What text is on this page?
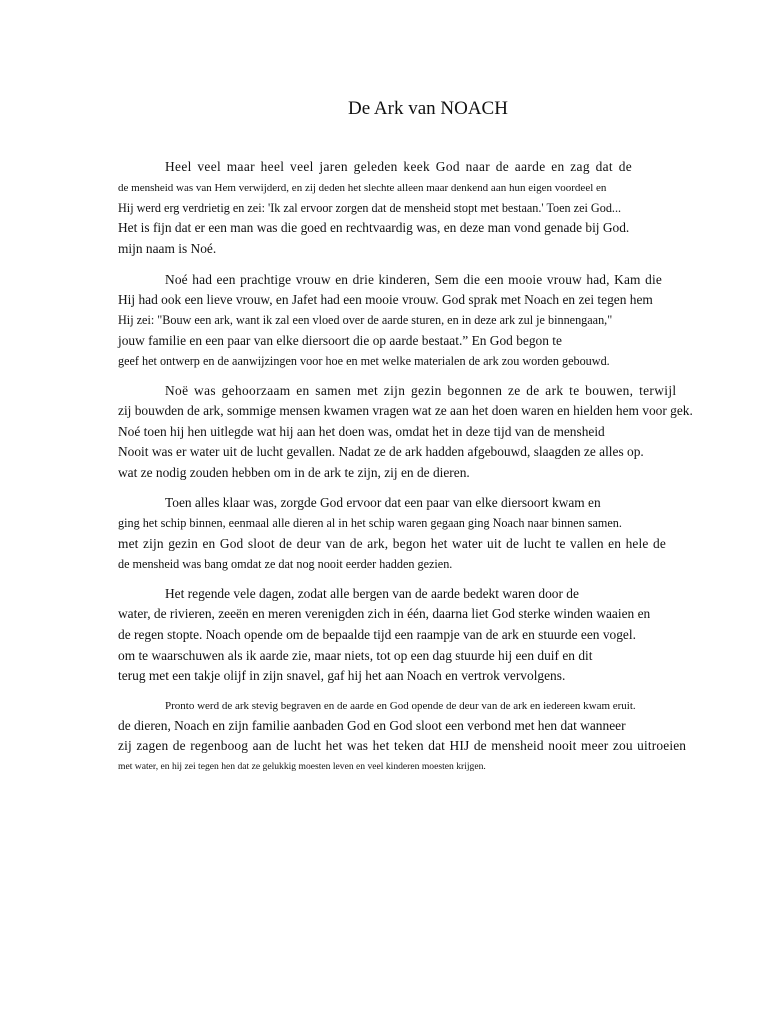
De Ark van NOACH
Heel veel maar heel veel jaren geleden keek God naar de aarde en zag dat de
de mensheid was van Hem verwijderd, en zij deden het slechte alleen maar denkend aan hun eigen voordeel en
Hij werd erg verdrietig en zei: 'Ik zal ervoor zorgen dat de mensheid stopt met bestaan.' Toen zei God...
Het is fijn dat er een man was die goed en rechtvaardig was, en deze man vond genade bij God.
mijn naam is Noé.
Noé had een prachtige vrouw en drie kinderen, Sem die een mooie vrouw had, Kam die
Hij had ook een lieve vrouw, en Jafet had een mooie vrouw. God sprak met Noach en zei tegen hem
Hij zei: "Bouw een ark, want ik zal een vloed over de aarde sturen, en in deze ark zul je binnengaan,"
jouw familie en een paar van elke diersoort die op aarde bestaat.” En God begon te
geef het ontwerp en de aanwijzingen voor hoe en met welke materialen de ark zou worden gebouwd.
Noë was gehoorzaam en samen met zijn gezin begonnen ze de ark te bouwen, terwijl
zij bouwden de ark, sommige mensen kwamen vragen wat ze aan het doen waren en hielden hem voor gek.
Noé toen hij hen uitlegde wat hij aan het doen was, omdat het in deze tijd van de mensheid
Nooit was er water uit de lucht gevallen. Nadat ze de ark hadden afgebouwd, slaagden ze alles op.
wat ze nodig zouden hebben om in de ark te zijn, zij en de dieren.
Toen alles klaar was, zorgde God ervoor dat een paar van elke diersoort kwam en
ging het schip binnen, eenmaal alle dieren al in het schip waren gegaan ging Noach naar binnen samen.
met zijn gezin en God sloot de deur van de ark, begon het water uit de lucht te vallen en hele de
de mensheid was bang omdat ze dat nog nooit eerder hadden gezien.
Het regende vele dagen, zodat alle bergen van de aarde bedekt waren door de
water, de rivieren, zeeën en meren verenigden zich in één, daarna liet God sterke winden waaien en
de regen stopte. Noach opende om de bepaalde tijd een raampje van de ark en stuurde een vogel.
om te waarschuwen als ik aarde zie, maar niets, tot op een dag stuurde hij een duif en dit
terug met een takje olijf in zijn snavel, gaf hij het aan Noach en vertrok vervolgens.
Pronto werd de ark stevig begraven en de aarde en God opende de deur van de ark en iedereen kwam eruit.
de dieren, Noach en zijn familie aanbaden God en God sloot een verbond met hen dat wanneer
zij zagen de regenboog aan de lucht het was het teken dat HIJ de mensheid nooit meer zou uitroeien
met water, en hij zei tegen hen dat ze gelukkig moesten leven en veel kinderen moesten krijgen.
